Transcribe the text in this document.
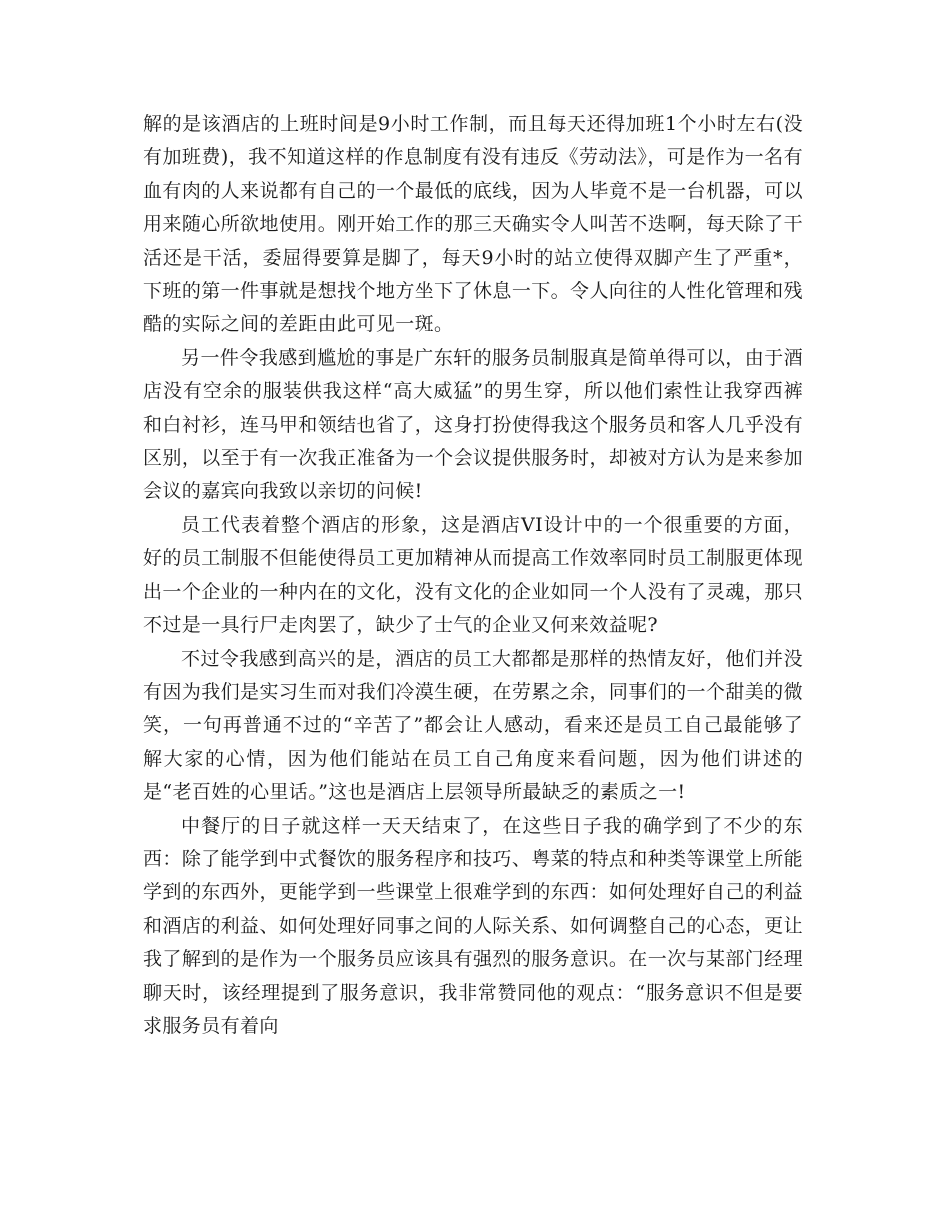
解的是该酒店的上班时间是9小时工作制，而且每天还得加班1个小时左右(没有加班费)，我不知道这样的作息制度有没有违反《劳动法》，可是作为一名有血有肉的人来说都有自己的一个最低的底线，因为人毕竟不是一台机器，可以用来随心所欲地使用。刚开始工作的那三天确实令人叫苦不迭啊，每天除了干活还是干活，委屈得要算是脚了，每天9小时的站立使得双脚产生了严重*，下班的第一件事就是想找个地方坐下了休息一下。令人向往的人性化管理和残酷的实际之间的差距由此可见一斑。

另一件令我感到尴尬的事是广东轩的服务员制服真是简单得可以，由于酒店没有空余的服装供我这样“高大威猛”的男生穿，所以他们索性让我穿西裤和白衬衫，连马甲和领结也省了，这身打扮使得我这个服务员和客人几乎没有区别，以至于有一次我正准备为一个会议提供服务时，却被对方认为是来参加会议的嘉宾向我致以亲切的问候!

员工代表着整个酒店的形象，这是酒店VI设计中的一个很重要的方面，好的员工制服不但能使得员工更加精神从而提高工作效率同时员工制服更体现出一个企业的一种内在的文化，没有文化的企业如同一个人没有了灵魂，那只不过是一具行尸走肉罢了，缺少了士气的企业又何来效益呢?

不过令我感到高兴的是，酒店的员工大都都是那样的热情友好，他们并没有因为我们是实习生而对我们冷漠生硬，在劳累之余，同事们的一个甜美的微笑，一句再普通不过的“辛苦了”都会让人感动，看来还是员工自己最能够了解大家的心情，因为他们能站在员工自己角度来看问题，因为他们讲述的是“老百姓的心里话。”这也是酒店上层领导所最缺乏的素质之一!

中餐厅的日子就这样一天天结束了，在这些日子我的确学到了不少的东西：除了能学到中式餐饮的服务程序和技巧、粤菜的特点和种类等课堂上所能学到的东西外，更能学到一些课堂上很难学到的东西：如何处理好自己的利益和酒店的利益、如何处理好同事之间的人际关系、如何调整自己的心态，更让我了解到的是作为一个服务员应该具有强烈的服务意识。在一次与某部门经理聊天时，该经理提到了服务意识，我非常赞同他的观点：“服务意识不但是要求服务员有着向
